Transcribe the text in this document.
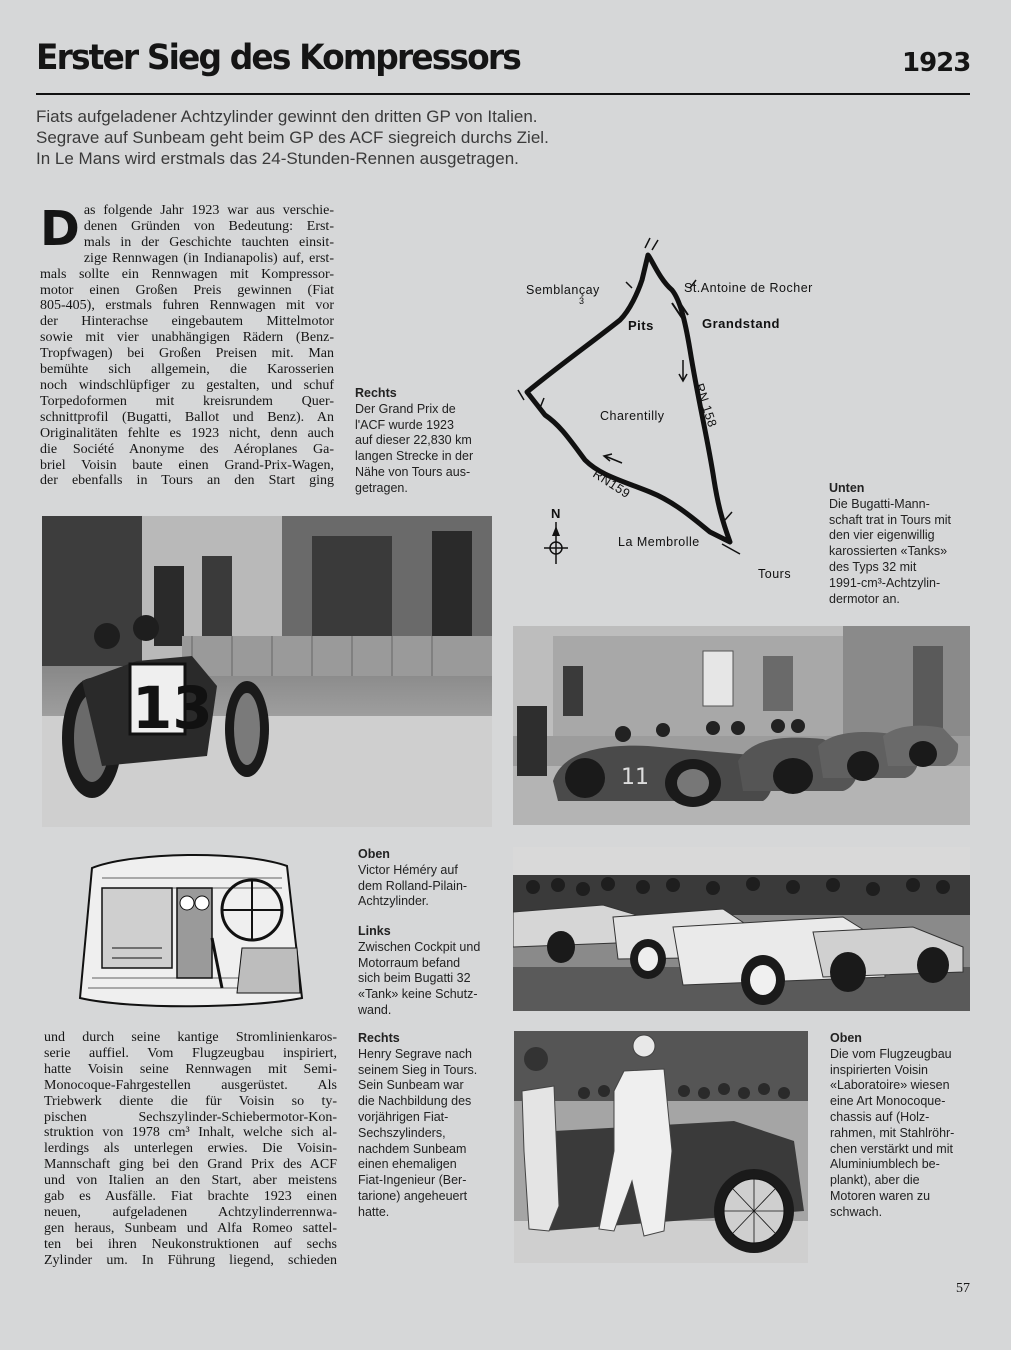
Erster Sieg des Kompressors	1923
Fiats aufgeladener Achtzylinder gewinnt den dritten GP von Italien.
Segrave auf Sunbeam geht beim GP des ACF siegreich durchs Ziel.
In Le Mans wird erstmals das 24-Stunden-Rennen ausgetragen.
D as folgende Jahr 1923 war aus verschie-
denen Gründen von Bedeutung: Erst-
mals in der Geschichte tauchten einsit-
zige Rennwagen (in Indianapolis) auf, erst-
mals sollte ein Rennwagen mit Kompressor-
motor einen Großen Preis gewinnen (Fiat
805-405), erstmals fuhren Rennwagen mit vor
der Hinterachse eingebautem Mittelmotor
sowie mit vier unabhängigen Rädern (Benz-
Tropfwagen) bei Großen Preisen mit. Man
bemühte sich allgemein, die Karosserien
noch windschlüpfiger zu gestalten, und schuf
Torpedoformen mit kreisrundem Quer-
schnittprofil (Bugatti, Ballot und Benz). An
Originalitäten fehlte es 1923 nicht, denn auch
die Société Anonyme des Aéroplanes Ga-
briel Voisin baute einen Grand-Prix-Wagen,
der ebenfalls in Tours an den Start ging
und durch seine kantige Stromlinienkaros-
serie auffiel. Vom Flugzeugbau inspiriert,
hatte Voisin seine Rennwagen mit Semi-
Monocoque-Fahrgestellen ausgerüstet. Als
Triebwerk diente die für Voisin so ty-
pischen Sechszylinder-Schiebermotor-Kon-
struktion von 1978 cm³ Inhalt, welche sich al-
lerdings als unterlegen erwies. Die Voisin-
Mannschaft ging bei den Grand Prix des ACF
und von Italien an den Start, aber meistens
gab es Ausfälle. Fiat brachte 1923 einen
neuen, aufgeladenen Achtzylinderrennwa-
gen heraus, Sunbeam und Alfa Romeo sattel-
ten bei ihren Neukonstruktionen auf sechs
Zylinder um. In Führung liegend, schieden
Rechts
Der Grand Prix de
l'ACF wurde 1923
auf dieser 22,830 km
langen Strecke in der
Nähe von Tours aus-
getragen.
Semblançay
3
St.Antoine de Rocher
Pits	Grandstand
Charentilly RN 158
RN159
La Membrolle
Tours
N
Unten
Die Bugatti-Mann-
schaft trat in Tours mit
den vier eigenwillig
karossierten «Tanks»
des Typs 32 mit
1991-cm³-Achtzylin-
dermotor an.
13
11
Oben
Victor Héméry auf
dem Rolland-Pilain-
Achtzylinder.
Links
Zwischen Cockpit und
Motorraum befand
sich beim Bugatti 32
«Tank» keine Schutz-
wand.
Rechts
Henry Segrave nach
seinem Sieg in Tours.
Sein Sunbeam war
die Nachbildung des
vorjährigen Fiat-
Sechszylinders,
nachdem Sunbeam
einen ehemaligen
Fiat-Ingenieur (Ber-
tarione) angeheuert
hatte.
Oben
Die vom Flugzeugbau
inspirierten Voisin
«Laboratoire» wiesen
eine Art Monocoque-
chassis auf (Holz-
rahmen, mit Stahlröhr-
chen verstärkt und mit
Aluminiumblech be-
plankt), aber die
Motoren waren zu
schwach.
57
